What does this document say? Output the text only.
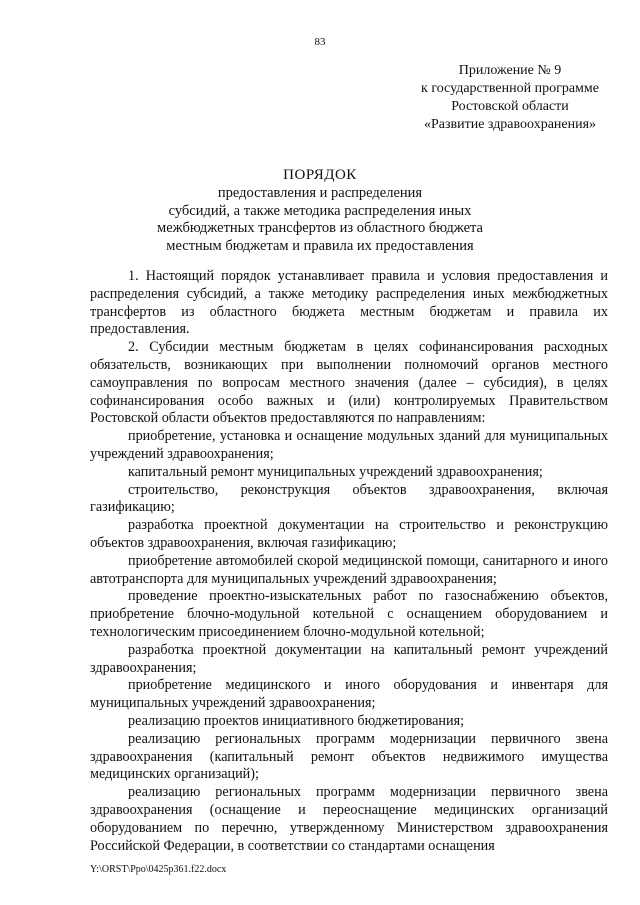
83
Приложение № 9
к государственной программе
Ростовской области
«Развитие здравоохранения»
ПОРЯДОК
предоставления и распределения
субсидий, а также методика распределения иных
межбюджетных трансфертов из областного бюджета
местным бюджетам и правила их предоставления

1. Настоящий порядок устанавливает правила и условия предоставления и распределения субсидий, а также методику распределения иных межбюджетных трансфертов из областного бюджета местным бюджетам и правила их предоставления.

2. Субсидии местным бюджетам в целях софинансирования расходных обязательств, возникающих при выполнении полномочий органов местного самоуправления по вопросам местного значения (далее – субсидия), в целях софинансирования особо важных и (или) контролируемых Правительством Ростовской области объектов предоставляются по направлениям:

приобретение, установка и оснащение модульных зданий для муниципальных учреждений здравоохранения;

капитальный ремонт муниципальных учреждений здравоохранения;

строительство, реконструкция объектов здравоохранения, включая газификацию;

разработка проектной документации на строительство и реконструкцию объектов здравоохранения, включая газификацию;

приобретение автомобилей скорой медицинской помощи, санитарного и иного автотранспорта для муниципальных учреждений здравоохранения;

проведение проектно-изыскательных работ по газоснабжению объектов, приобретение блочно-модульной котельной с оснащением оборудованием и технологическим присоединением блочно-модульной котельной;

разработка проектной документации на капитальный ремонт учреждений здравоохранения;

приобретение медицинского и иного оборудования и инвентаря для муниципальных учреждений здравоохранения;

реализацию проектов инициативного бюджетирования;

реализацию региональных программ модернизации первичного звена здравоохранения (капитальный ремонт объектов недвижимого имущества медицинских организаций);

реализацию региональных программ модернизации первичного звена здравоохранения (оснащение и переоснащение медицинских организаций оборудованием по перечню, утвержденному Министерством здравоохранения Российской Федерации, в соответствии со стандартами оснащения

Y:\ORST\Ppo\0425p361.f22.docx
